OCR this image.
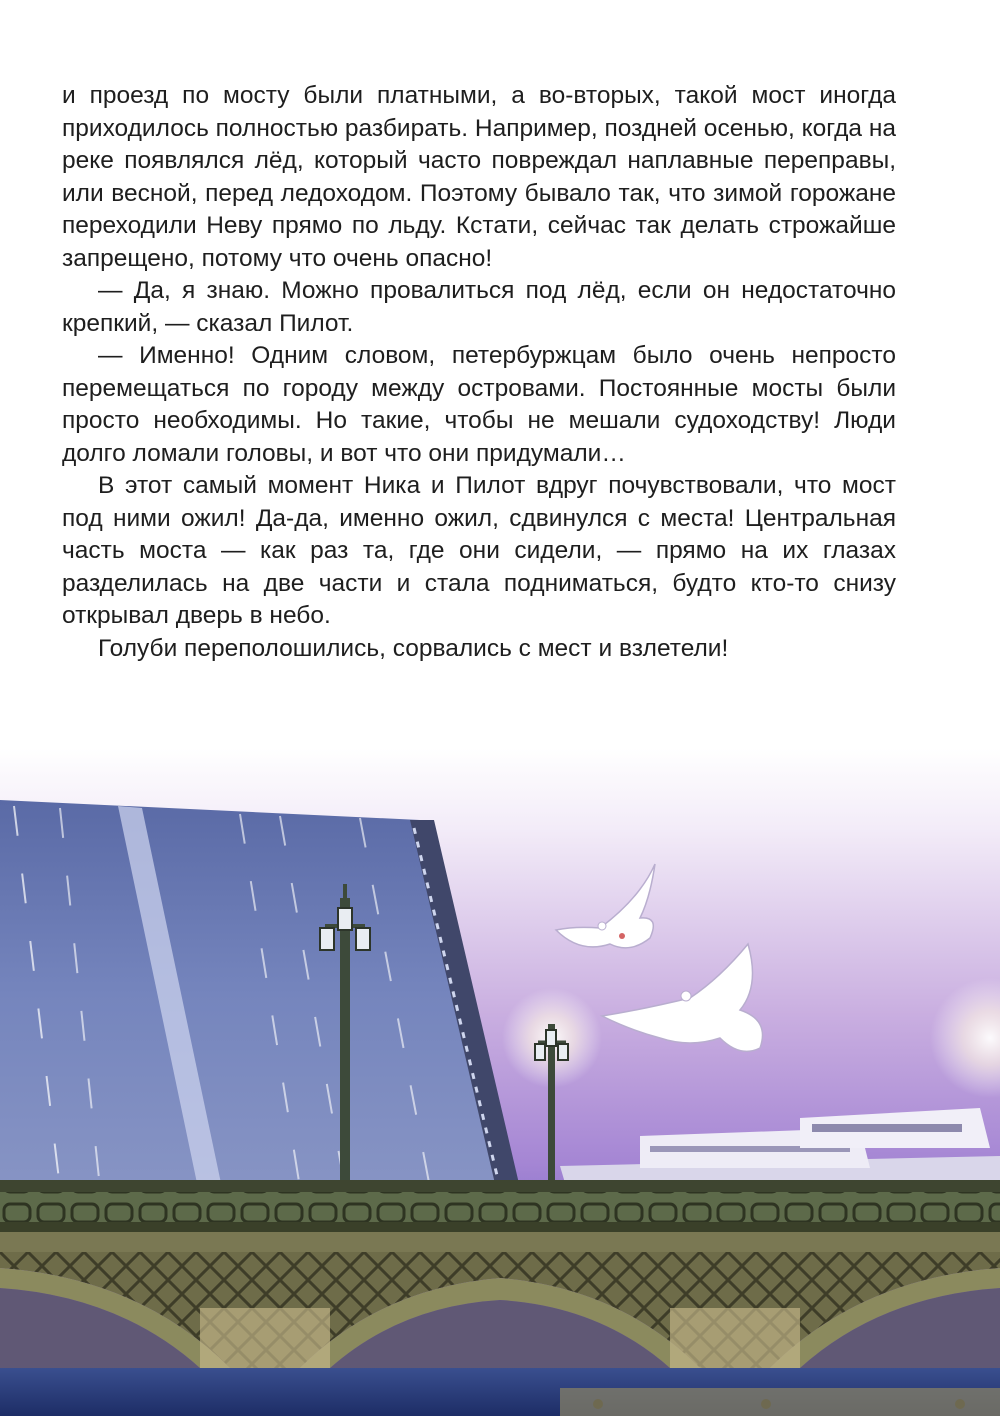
и проезд по мосту были платными, а во-вторых, такой мост иногда приходилось полностью разбирать. Например, поздней осенью, когда на реке появлялся лёд, который часто повреждал наплавные переправы, или весной, перед ледоходом. Поэтому бывало так, что зимой горожане переходили Неву прямо по льду. Кстати, сейчас так делать строжайше запрещено, потому что очень опасно!

— Да, я знаю. Можно провалиться под лёд, если он недостаточно крепкий, — сказал Пилот.

— Именно! Одним словом, петербуржцам было очень непросто перемещаться по городу между островами. Постоянные мосты были просто необходимы. Но такие, чтобы не мешали судоходству! Люди долго ломали головы, и вот что они придумали…

В этот самый момент Ника и Пилот вдруг почувствовали, что мост под ними ожил! Да-да, именно ожил, сдвинулся с места! Центральная часть моста — как раз та, где они сидели, — прямо на их глазах разделилась на две части и стала подниматься, будто кто-то снизу открывал дверь в небо.

Голуби переполошились, сорвались с мест и взлетели!
